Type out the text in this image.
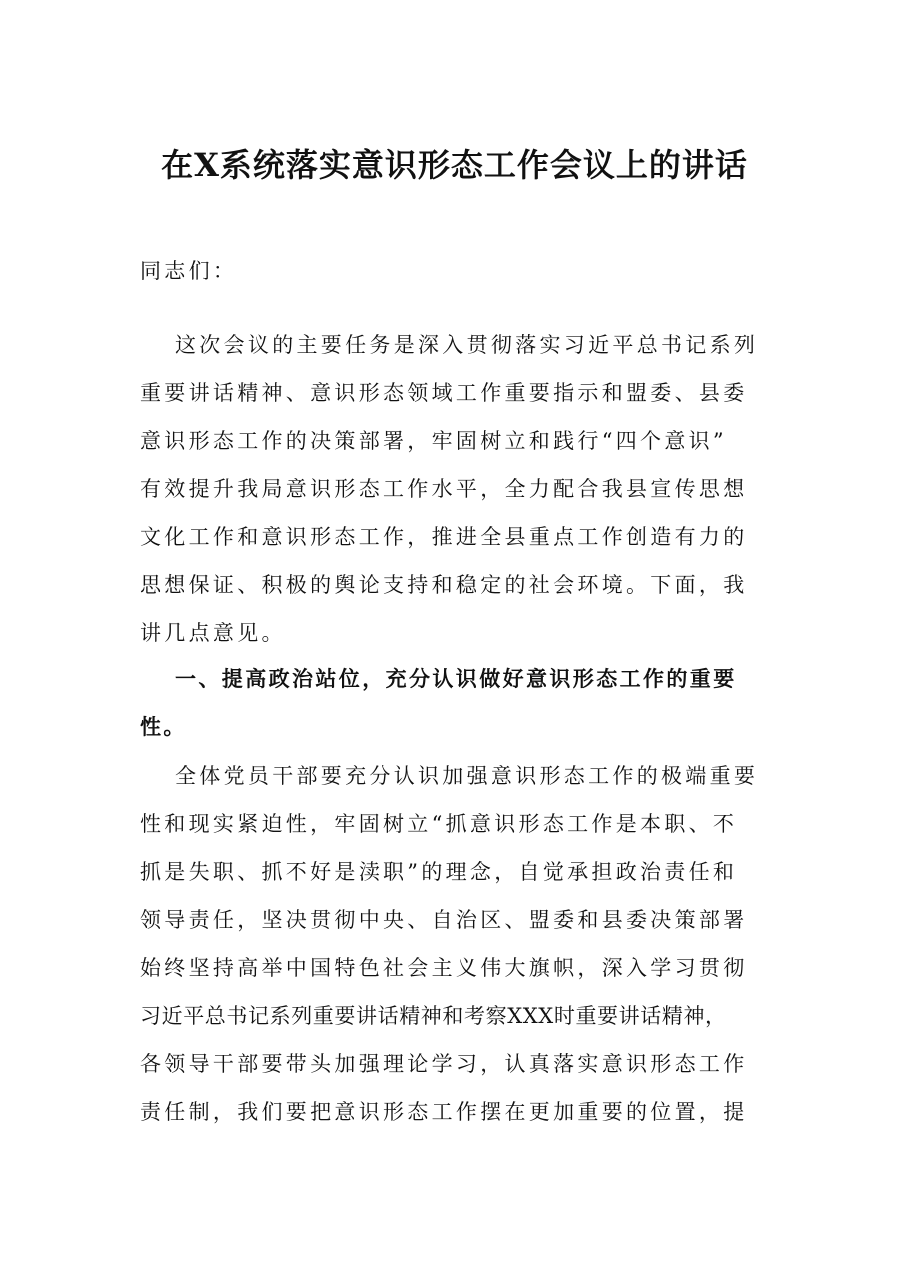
在X系统落实意识形态工作会议上的讲话

同志们：

这次会议的主要任务是深入贯彻落实习近平总书记系列

重要讲话精神、意识形态领域工作重要指示和盟委、县委

意识形态工作的决策部署，牢固树立和践行“四个意识”

有效提升我局意识形态工作水平，全力配合我县宣传思想

文化工作和意识形态工作，推进全县重点工作创造有力的

思想保证、积极的舆论支持和稳定的社会环境。下面，我

讲几点意见。

一、提高政治站位，充分认识做好意识形态工作的重要

性。

全体党员干部要充分认识加强意识形态工作的极端重要

性和现实紧迫性，牢固树立“抓意识形态工作是本职、不

抓是失职、抓不好是渎职”的理念，自觉承担政治责任和

领导责任，坚决贯彻中央、自治区、盟委和县委决策部署

始终坚持高举中国特色社会主义伟大旗帜，深入学习贯彻

习近平总书记系列重要讲话精神和考察XXX时重要讲话精神，

各领导干部要带头加强理论学习，认真落实意识形态工作

责任制，我们要把意识形态工作摆在更加重要的位置，提
